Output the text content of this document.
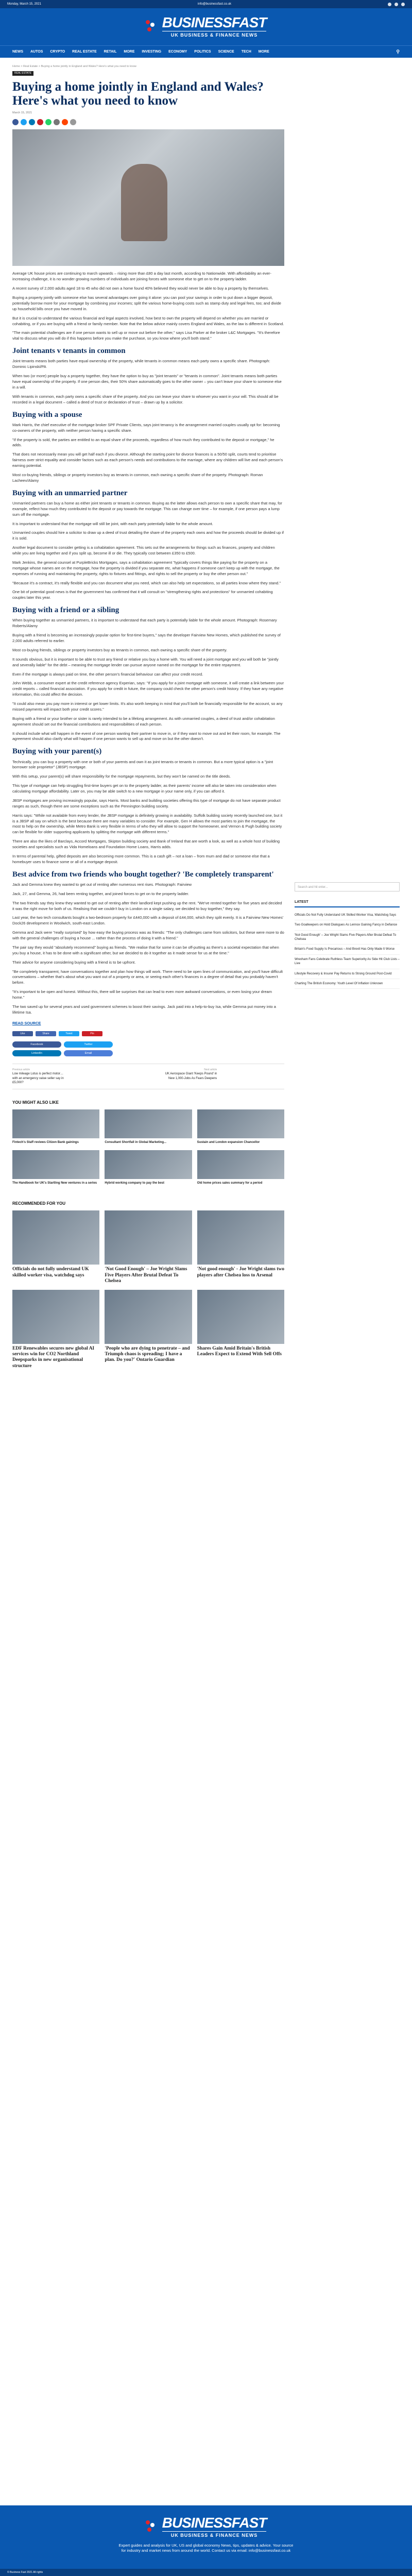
Monday, March 15, 2021	info@businessfast.co.uk
BUSINESSFAST
UK BUSINESS & FINANCE NEWS
NEWS AUTOS CRYPTO REAL ESTATE RETAIL MORE INVESTING ECONOMY POLITICS SCIENCE TECH MORE	⚲
Home > Real Estate > Buying a home jointly in England and Wales? Here's what you need to know
REAL ESTATE
Buying a home jointly in England and Wales? Here's what you need to know
March 15, 2021

Average UK house prices are continuing to march upwards – rising more than £80 a day last month, according to Nationwide. With affordability an ever-increasing challenge, it is no wonder growing numbers of individuals are joining forces with someone else to get on to the property ladder.

A recent survey of 2,000 adults aged 18 to 45 who did not own a home found 40% believed they would never be able to buy a property by themselves.

Buying a property jointly with someone else has several advantages over going it alone: you can pool your savings in order to put down a bigger deposit, potentially borrow more for your mortgage by combining your incomes; split the various home-buying costs such as stamp duty and legal fees, too; and divide up household bills once you have moved in.

But it is crucial to understand the various financial and legal aspects involved, how best to own the property will depend on whether you are married or cohabiting, or if you are buying with a friend or family member. Note that the below advice mainly covers England and Wales, as the law is different in Scotland.

"The main potential challenges are if one person wants to sell up or move out before the other," says Lisa Parker at the broker L&C Mortgages. "It's therefore vital to discuss what you will do if this happens before you make the purchase, so you know where you'll both stand."

Joint tenants v tenants in common

Joint tenants means both parties have equal ownership of the property, while tenants in common means each party owns a specific share. Photograph: Dominic Lipinski/PA

When two (or more) people buy a property together, they have the option to buy as "joint tenants" or "tenants in common". Joint tenants means both parties have equal ownership of the property. If one person dies, their 50% share automatically goes to the other owner – you can't leave your share to someone else in a will.

With tenants in common, each party owns a specific share of the property. And you can leave your share to whoever you want in your will. This should all be recorded in a legal document – called a deed of trust or declaration of trust – drawn up by a solicitor.

Buying with a spouse

Mark Harris, the chief executive of the mortgage broker SPF Private Clients, says joint tenancy is the arrangement married couples usually opt for: becoming co-owners of the property, with neither person having a specific share.

"If the property is sold, the parties are entitled to an equal share of the proceeds, regardless of how much they contributed to the deposit or mortgage," he adds.

That does not necessarily mean you will get half each if you divorce. Although the starting point for divorce finances is a 50/50 split, courts tend to prioritise fairness over strict equality and consider factors such as each person's needs and contributions to the marriage, where any children will live and each person's earning potential.

Most co-buying friends, siblings or property investors buy as tenants in common, each owning a specific share of the property. Photograph: Roman Lacheev/Alamy

Buying with an unmarried partner

Unmarried partners can buy a home as either joint tenants or tenants in common. Buying as the latter allows each person to own a specific share that may, for example, reflect how much they contributed to the deposit or pay towards the mortgage. This can change over time – for example, if one person pays a lump sum off the mortgage.

It is important to understand that the mortgage will still be joint, with each party potentially liable for the whole amount.

Unmarried couples should hire a solicitor to draw up a deed of trust detailing the share of the property each owns and how the proceeds should be divided up if it is sold.

Another legal document to consider getting is a cohabitation agreement. This sets out the arrangements for things such as finances, property and children while you are living together and if you split up, become ill or die. They typically cost between £350 to £500.

Mark Jenkins, the general counsel at PurpleBricks Mortgages, says a cohabitation agreement "typically covers things like paying for the property on a mortgage whose names are on the mortgage, how the property is divided if you separate etc, what happens if someone can't keep up with the mortgage, the expenses of running and maintaining the property, rights to fixtures and fittings, and rights to sell the property or buy the other person out."

"Because it's a contract, it's really flexible and you can document what you need, which can also help set expectations, so all parties know where they stand."

One bit of potential good news is that the government has confirmed that it will consult on "strengthening rights and protections" for unmarried cohabiting couples later this year.

Buying with a friend or a sibling

When buying together as unmarried partners, it is important to understand that each party is potentially liable for the whole amount. Photograph: Rosemary Roberts/Alamy

Buying with a friend is becoming an increasingly popular option for first-time buyers," says the developer Fairview New Homes, which published the survey of 2,000 adults referred to earlier.

Most co-buying friends, siblings or property investors buy as tenants in common, each owning a specific share of the property.

It sounds obvious, but it is important to be able to trust any friend or relative you buy a home with. You will need a joint mortgage and you will both be "jointly and severally liable" for the debt – meaning the mortgage lender can pursue anyone named on the mortgage for the entire repayment.

Even if the mortgage is always paid on time, the other person's financial behaviour can affect your credit record.

John Webb, a consumer expert at the credit reference agency Experian, says: "If you apply for a joint mortgage with someone, it will create a link between your credit reports – called financial association. If you apply for credit in future, the company could check the other person's credit history. If they have any negative information, this could affect the decision.

"It could also mean you pay more in interest or get lower limits. It's also worth keeping in mind that you'll both be financially responsible for the account, so any missed payments will impact both your credit scores."

Buying with a friend or your brother or sister is rarely intended to be a lifelong arrangement. As with unmarried couples, a deed of trust and/or cohabitation agreement should set out the financial contributions and responsibilities of each person.

It should include what will happen in the event of one person wanting their partner to move in, or if they want to move out and let their room, for example. The agreement should also clarify what will happen if one person wants to sell up and move on but the other doesn't.

Buying with your parent(s)

Technically, you can buy a property with one or both of your parents and own it as joint tenants or tenants in common. But a more typical option is a "joint borrower sole proprietor" (JBSP) mortgage.

With this setup, your parent(s) will share responsibility for the mortgage repayments, but they won't be named on the title deeds.

This type of mortgage can help struggling first-time buyers get on to the property ladder, as their parents' income will also be taken into consideration when calculating mortgage affordability. Later on, you may be able switch to a new mortgage in your name only, if you can afford it.

JBSP mortgages are proving increasingly popular, says Harris. Most banks and building societies offering this type of mortgage do not have separate product ranges as such, though there are some exceptions such as the Pennington building society.

Harris says: "While not available from every lender, the JBSP mortgage is definitely growing in availability. Suffolk building society recently launched one, but it is a JBSP all say on which is the best because there are many variables to consider. For example, Gen H allows the most parties to join the mortgage, the most to help on the ownership, while Metro Bank is very flexible in terms of who they will allow to support the homeowner, and Vernon & Pugh building society can be flexible for older supporting applicants by splitting the mortgage with different terms."

There are also the likes of Barclays, Accord Mortgages, Skipton building society and Bank of Ireland that are worth a look, as well as a whole host of building societies and specialists such as Vida Homeloans and Foundation Home Loans, Harris adds.

In terms of parental help, gifted deposits are also becoming more common. This is a cash gift – not a loan – from mum and dad or someone else that a homebuyer uses to finance some or all of a mortgage deposit.

Best advice from two friends who bought together? 'Be completely transparent'

Jack and Gemma knew they wanted to get out of renting after numerous rent rises. Photograph: Fairview

Jack, 27, and Gemma, 26, had been renting together, and joined forces to get on to the property ladder.

The two friends say they knew they wanted to get out of renting after their landlord kept pushing up the rent. "We've rented together for five years and decided it was the right move for both of us. Realising that we couldn't buy in London on a single salary, we decided to buy together," they say.

Last year, the two tech consultants bought a two-bedroom property for £440,000 with a deposit of £44,000, which they split evenly. It is a Fairview New Homes' Dock26 development in Woolwich, south-east London.

Gemma and Jack were "really surprised" by how easy the buying process was as friends: "The only challenges came from solicitors, but these were more to do with the general challenges of buying a house ... rather than the process of doing it with a friend."

The pair say they would "absolutely recommend" buying as friends. "We realise that for some it can be off-putting as there's a societal expectation that when you buy a house, it has to be done with a significant other, but we decided to do it together as it made sense for us at the time."

Their advice for anyone considering buying with a friend is to be upfront.

"Be completely transparent, have conversations together and plan how things will work. There need to be open lines of communication, and you'll have difficult conversations – whether that's about what you want out of a property or area, or seeing each other's finances in a degree of detail that you probably haven't before.

"It's important to be open and honest. Without this, there will be surprises that can lead to even more awkward conversations, or even losing your dream home."

The two saved up for several years and used government schemes to boost their savings. Jack paid into a help-to-buy Isa, while Gemma put money into a lifetime Isa.

READ SOURCE
Like	Share	Tweet	Pin
Facebook	Twitter
LinkedIn	Email
Previous article
Low mileage Lotus is perfect motor… with an emergency value seller say in £5,000?
Next article
UK Aerospace Giant 'Keeps Pound' in New 1,000-Jobs As Fears Deepens
YOU MIGHT ALSO LIKE
Fintech's Staff reviews Citizen Bank gainings	Consultant Shortfall in Global Marketing...	Sustain and London expansion Chancellor
The Handbook for UK's Startling New ventures in a series	Hybrid working company to pay the best	Old home prices sales summary for a period
RECOMMENDED FOR YOU
Officials do not fully understand UK skilled worker visa, watchdog says
'Not Good Enough' – Joe Wright Slams Five Players After Brutal Defeat To Chelsea
'Not good enough' - Joe Wright slams two players after Chelsea loss to Arsenal
EDF Renewables secures new global AI services win for CO2 Northland Deepsparks in new organisational structure
'People who are dying to penetrate – and Triumph chaos is spreading; I have a plan. Do you?' Ontario Guardian
Shares Gain Amid Britain's British Leaders Expect to Extend With Sell Offs
Search and hit enter...
LATEST
Officials Do Not Fully Understand UK Skilled Worker Visa, Watchdog Says
Two Goalkeepers on Hold Dialogues As Lennox Gaining Fancy in Defiance
'Not Good Enough' – Joe Wright Slams Five Players After Brutal Defeat To Chelsea
Britain's Food Supply Is Precarious – And Brexit Has Only Made It Worse
Wrexham Fans Celebrate Ruthless Team Superiority As Side Hit Club Lists – Live
Lifestyle Recovery & Insurer Pay Returns to Strong Ground Post-Covid
Charting The British Economy: Youth Level Of Inflation Unknown
BUSINESSFAST
UK BUSINESS & FINANCE NEWS
Expert guides and analysis for UK, US and global economy News, tips, updates & advice. Your source for industry and market news from around the world. Contact us via email: info@businessfast.co.uk
© Business Fast 2021 All rights
